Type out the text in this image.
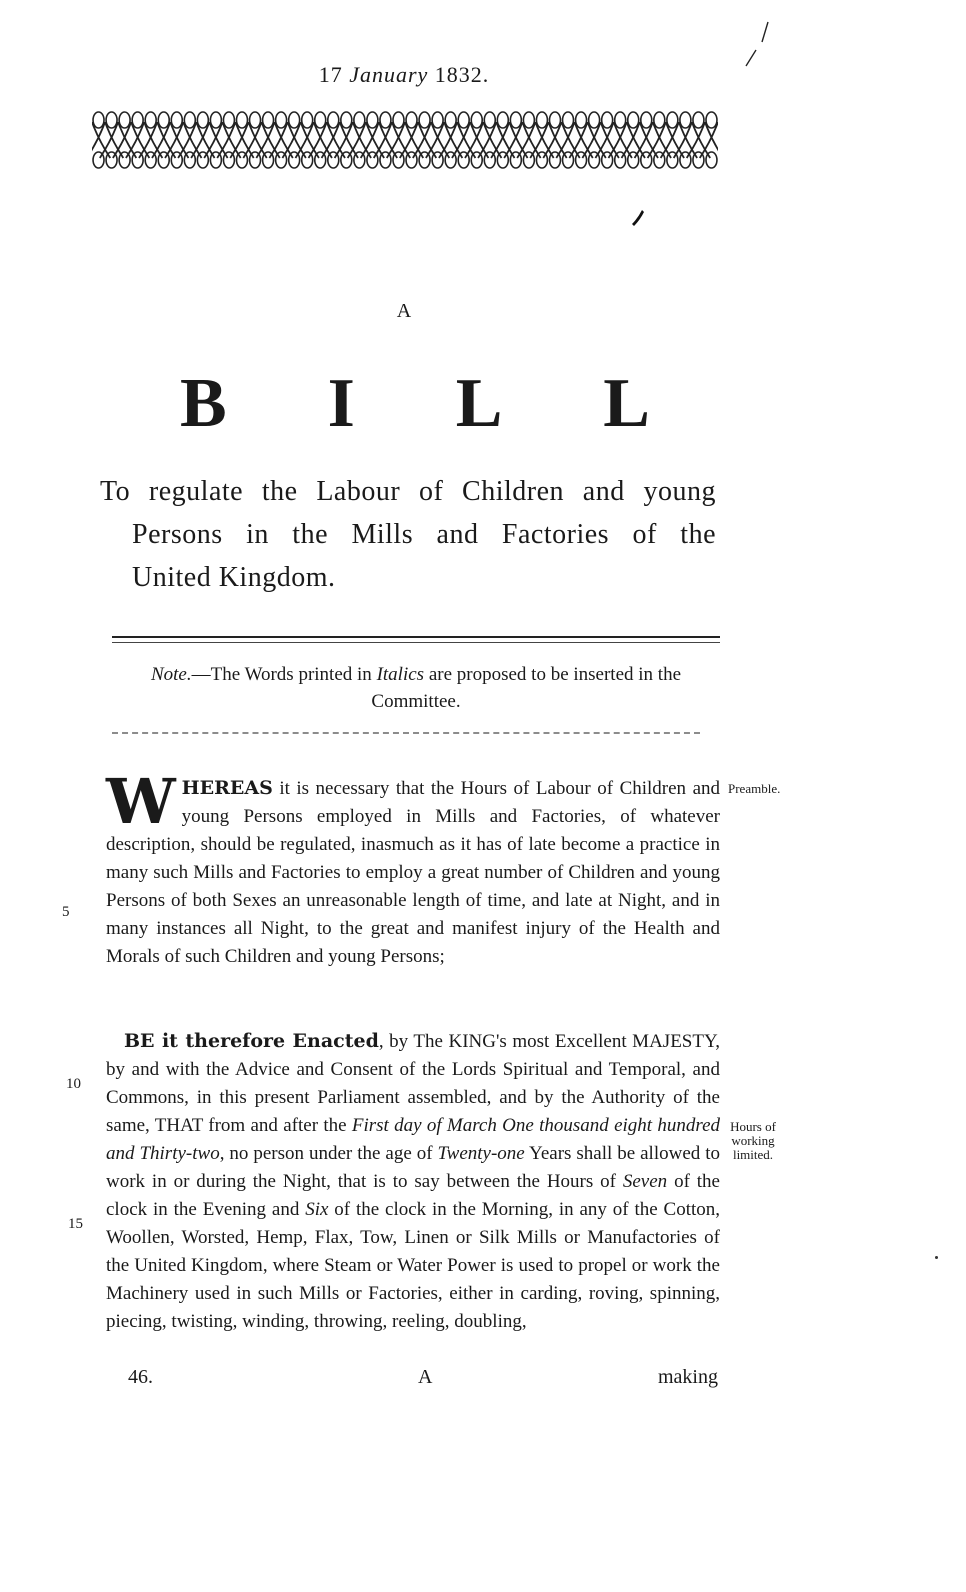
17 January 1832.
A
B I L L
To regulate the Labour of Children and young
Persons in the Mills and Factories of the
United Kingdom.
Note.—The Words printed in Italics are proposed to be inserted in the Committee.
WHEREAS it is necessary that the Hours of Labour of Children and young Persons employed in Mills and Factories, of whatever description, should be regulated, inasmuch as it has of late become a practice in many such Mills and Factories to employ a great number of Children and young Persons of both Sexes an unreasonable length of time, and late at Night, and in many instances all Night, to the great and manifest injury of the Health and Morals of such Children and young Persons;
BE it therefore Enacted, by The KING's most Excellent MAJESTY, by and with the Advice and Consent of the Lords Spiritual and Temporal, and Commons, in this present Parliament assembled, and by the Authority of the same, THAT from and after the First day of March One thousand eight hundred and Thirty-two, no person under the age of Twenty-one Years shall be allowed to work in or during the Night, that is to say between the Hours of Seven of the clock in the Evening and Six of the clock in the Morning, in any of the Cotton, Woollen, Worsted, Hemp, Flax, Tow, Linen or Silk Mills or Manufactories of the United Kingdom, where Steam or Water Power is used to propel or work the Machinery used in such Mills or Factories, either in carding, roving, spinning, piecing, twisting, winding, throwing, reeling, doubling,
5
10
15
Preamble.
Hours of working limited.
46.	A	making
